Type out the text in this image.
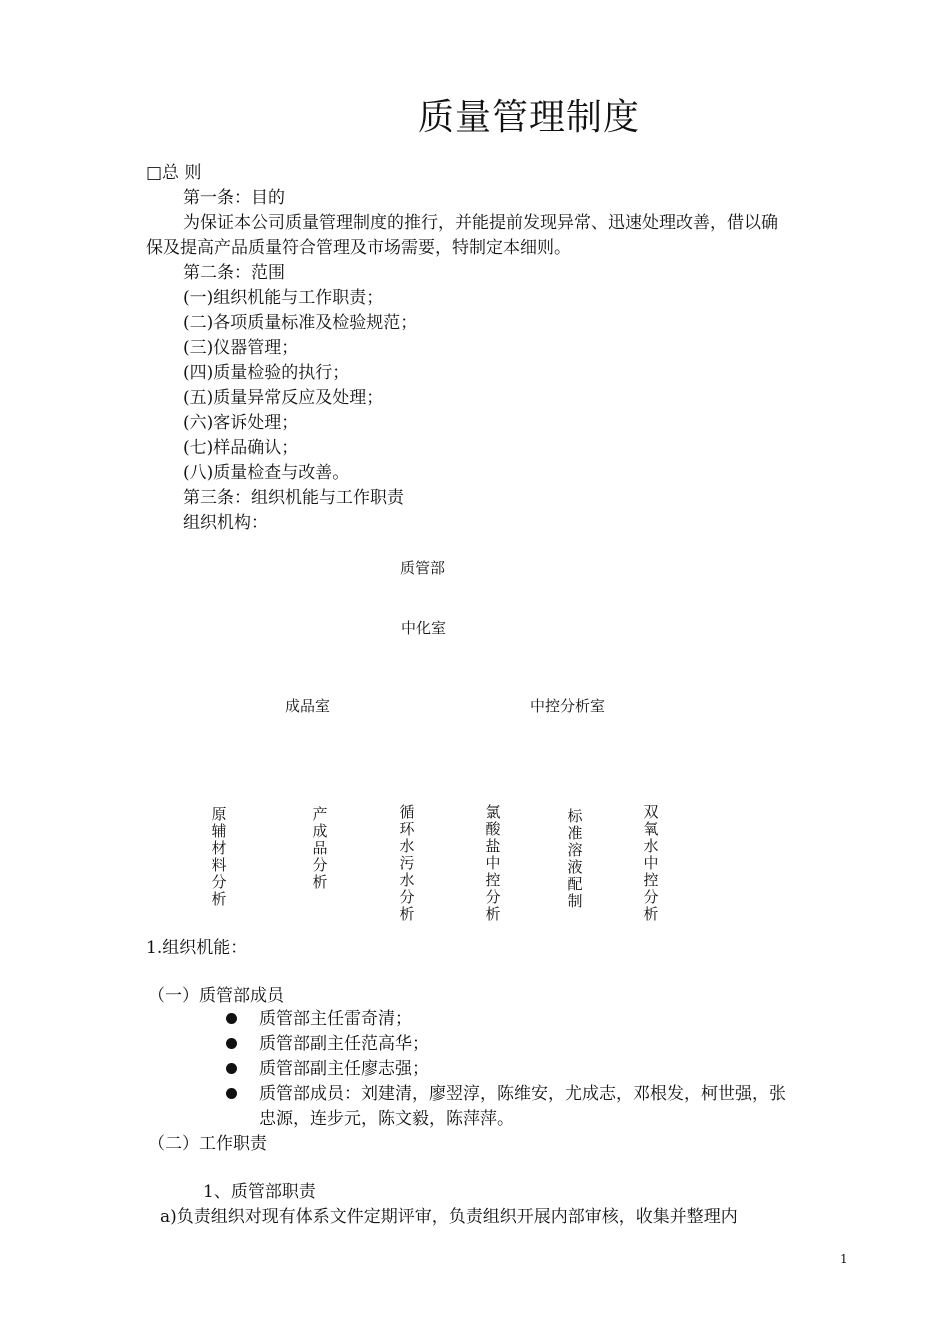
质量管理制度
□总 则
第一条：目的
为保证本公司质量管理制度的推行，并能提前发现异常、迅速处理改善，借以确
保及提高产品质量符合管理及市场需要，特制定本细则。
第二条：范围
(一)组织机能与工作职责；
(二)各项质量标准及检验规范；
(三)仪器管理；
(四)质量检验的执行；
(五)质量异常反应及处理；
(六)客诉处理；
(七)样品确认；
(八)质量检查与改善。
第三条：组织机能与工作职责
组织机构：
质管部
中化室
成品室	中控分析室
原辅材料分析
产成品分析
循环水污水分析
氯酸盐中控分析
标准溶液配制
双氧水中控分析
1.组织机能：
（一）质管部成员
质管部主任雷奇清；
质管部副主任范高华；
质管部副主任廖志强；
质管部成员：刘建清，廖翌淳，陈维安，尤成志，邓根发，柯世强，张
忠源，连步元，陈文毅，陈萍萍。
（二）工作职责
1、质管部职责
a)负责组织对现有体系文件定期评审，负责组织开展内部审核，收集并整理内
1
